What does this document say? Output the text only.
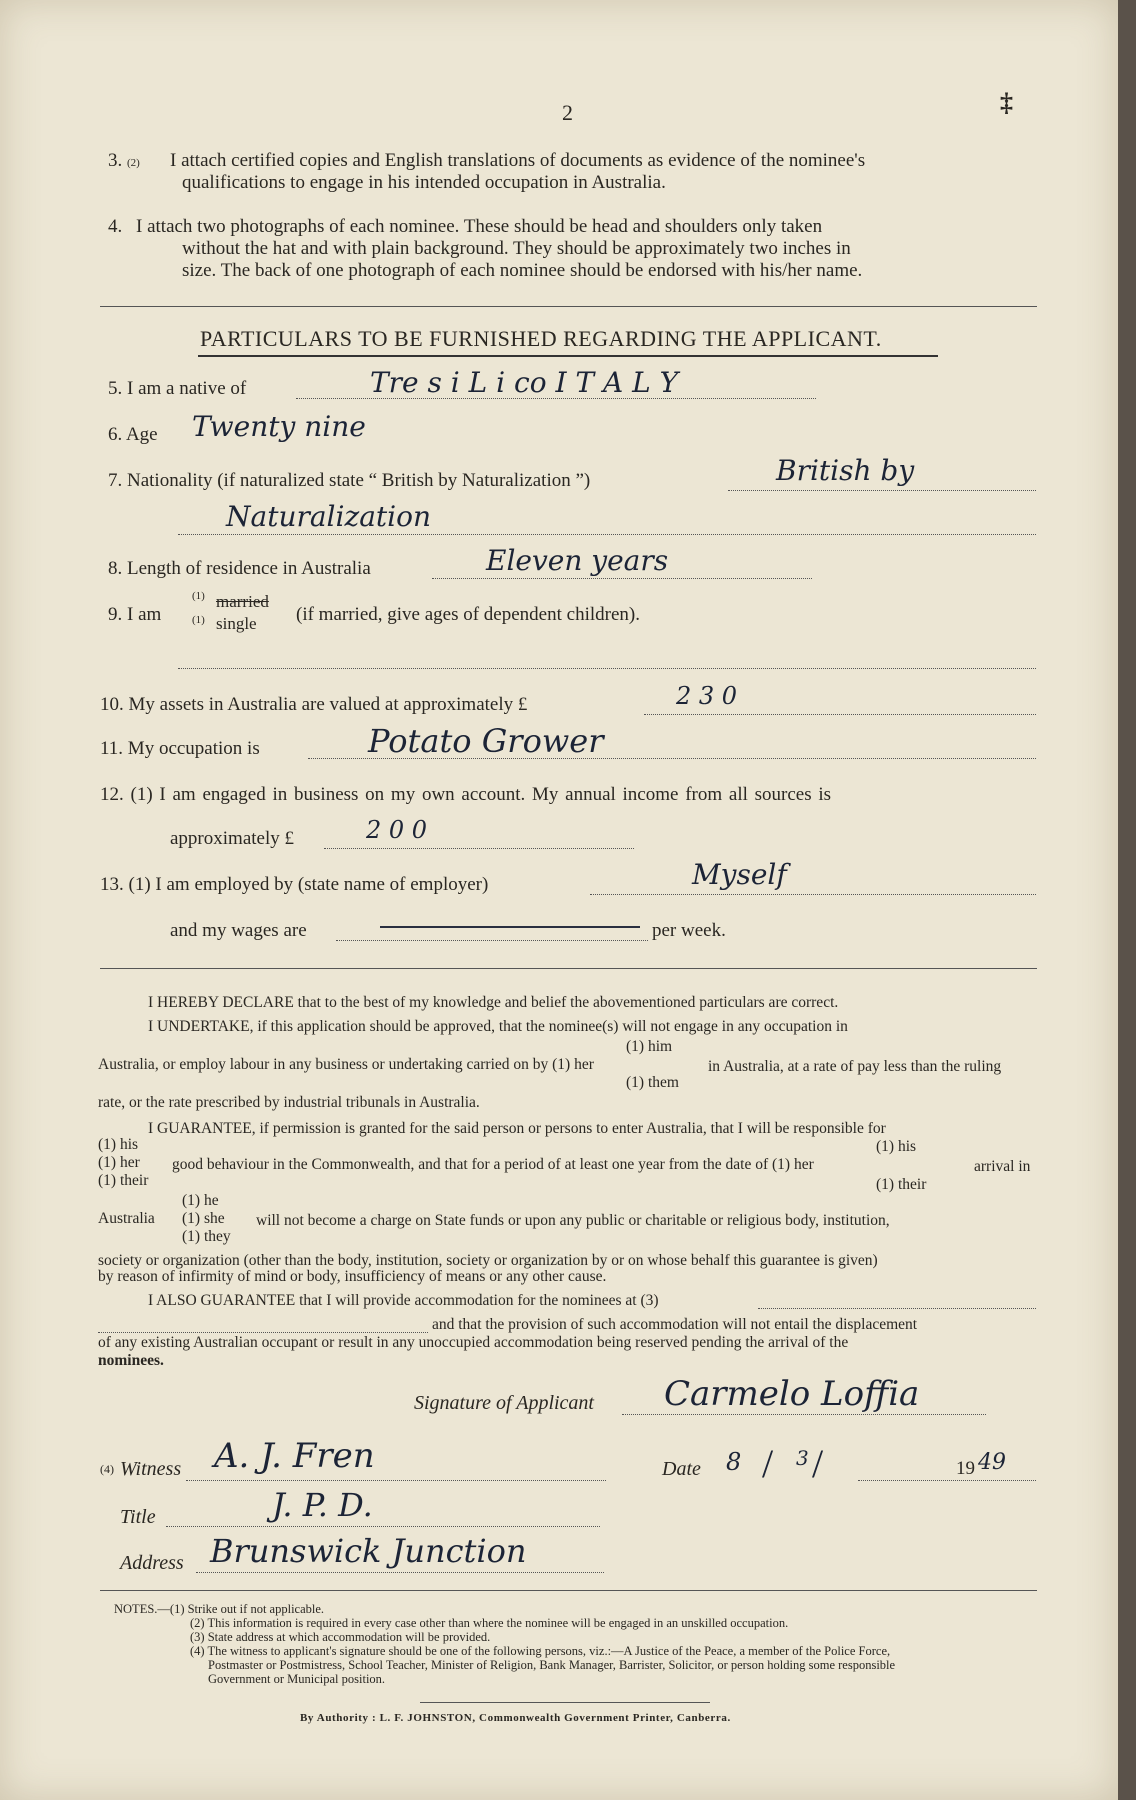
2	‡
3. (2) I attach certified copies and English translations of documents as evidence of the nominee's
qualifications to engage in his intended occupation in Australia.
4. I attach two photographs of each nominee. These should be head and shoulders only taken
without the hat and with plain background. They should be approximately two inches in
size. The back of one photograph of each nominee should be endorsed with his/her name.
PARTICULARS TO BE FURNISHED REGARDING THE APPLICANT.
5. I am a native of	Tre s i L i co I T A L Y
6. Age Twenty nine
7. Nationality (if naturalized state “ British by Naturalization ”)	British by
Naturalization
8. Length of residence in Australia	Eleven years
9. I am
(1)
(1)
married
single (if married, give ages of dependent children).
10. My assets in Australia are valued at approximately £	2 3 0
11. My occupation is	Potato Grower
12. (1) I am engaged in business on my own account. My annual income from all sources is
approximately £	2 0 0
13. (1) I am employed by (state name of employer)	Myself
and my wages are	per week.
I HEREBY DECLARE that to the best of my knowledge and belief the abovementioned particulars are correct.
I UNDERTAKE, if this application should be approved, that the nominee(s) will not engage in any occupation in
(1) him
Australia, or employ labour in any business or undertaking carried on by (1) her	in Australia, at a rate of pay less than the ruling
(1) them
rate, or the rate prescribed by industrial tribunals in Australia.
I GUARANTEE, if permission is granted for the said person or persons to enter Australia, that I will be responsible for
(1) his	(1) his
(1) her good behaviour in the Commonwealth, and that for a period of at least one year from the date of (1) her	arrival in
(1) their	(1) their
(1) he
Australia (1) she will not become a charge on State funds or upon any public or charitable or religious body, institution,
(1) they
society or organization (other than the body, institution, society or organization by or on whose behalf this guarantee is given)
by reason of infirmity of mind or body, insufficiency of means or any other cause.
I ALSO GUARANTEE that I will provide accommodation for the nominees at (3)
and that the provision of such accommodation will not entail the displacement
of any existing Australian occupant or result in any unoccupied accommodation being reserved pending the arrival of the
nominees.
Signature of Applicant Carmelo Loffia
(4) Witness A. J. Fren	Date 8 / 3 /	19 49
Title	J. P. D.
Address Brunswick Junction
NOTES.—(1) Strike out if not applicable.
(2) This information is required in every case other than where the nominee will be engaged in an unskilled occupation.
(3) State address at which accommodation will be provided.
(4) The witness to applicant's signature should be one of the following persons, viz.:—A Justice of the Peace, a member of the Police Force,
Postmaster or Postmistress, School Teacher, Minister of Religion, Bank Manager, Barrister, Solicitor, or person holding some responsible
Government or Municipal position.
By Authority : L. F. JOHNSTON, Commonwealth Government Printer, Canberra.
